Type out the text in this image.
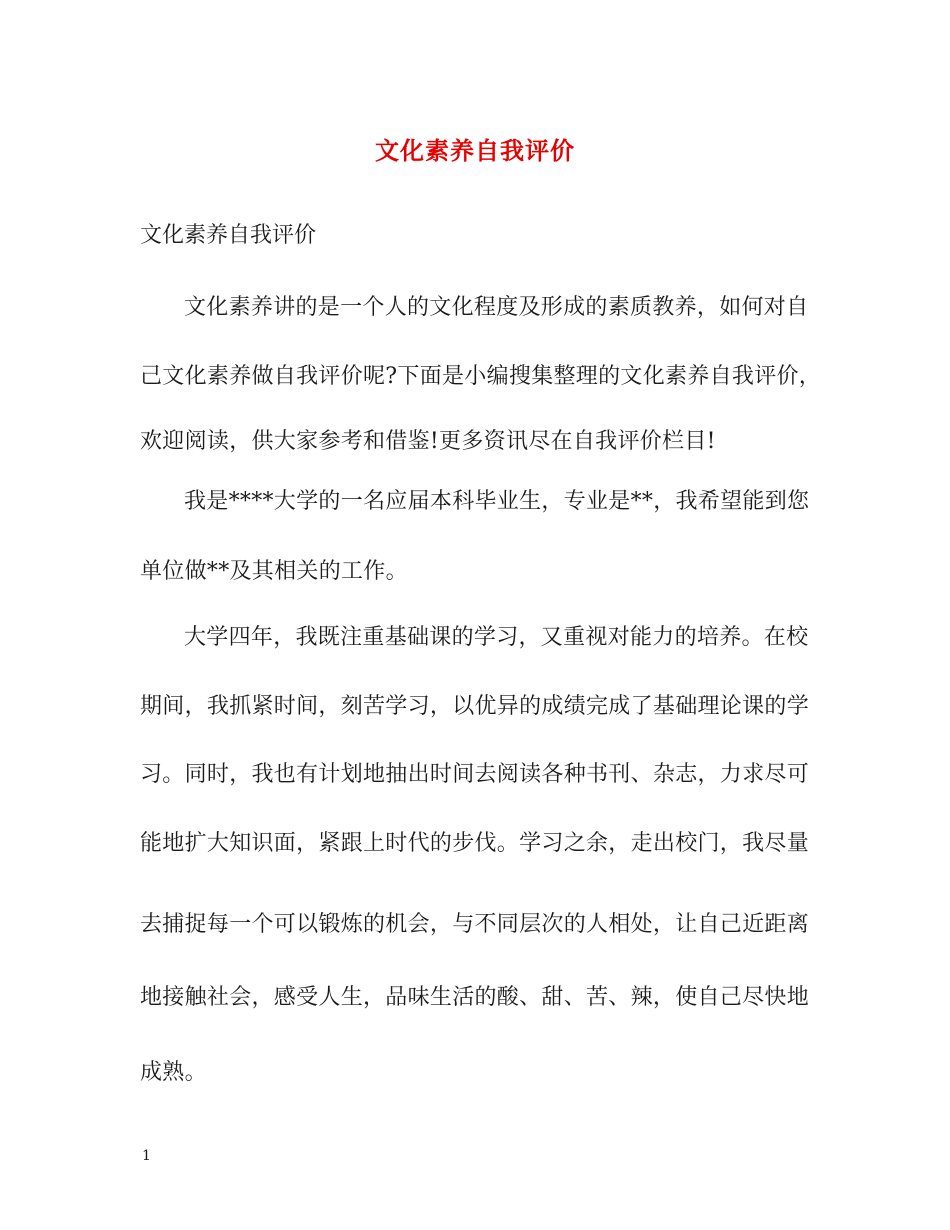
文化素养自我评价
文化素养自我评价
文化素养讲的是一个人的文化程度及形成的素质教养，如何对自
己文化素养做自我评价呢?下面是小编搜集整理的文化素养自我评价，
欢迎阅读，供大家参考和借鉴!更多资讯尽在自我评价栏目!
我是****大学的一名应届本科毕业生，专业是**，我希望能到您
单位做**及其相关的工作。
大学四年，我既注重基础课的学习，又重视对能力的培养。在校
期间，我抓紧时间，刻苦学习，以优异的成绩完成了基础理论课的学
习。同时，我也有计划地抽出时间去阅读各种书刊、杂志，力求尽可
能地扩大知识面，紧跟上时代的步伐。学习之余，走出校门，我尽量
去捕捉每一个可以锻炼的机会，与不同层次的人相处，让自己近距离
地接触社会，感受人生，品味生活的酸、甜、苦、辣，使自己尽快地
成熟。
1
